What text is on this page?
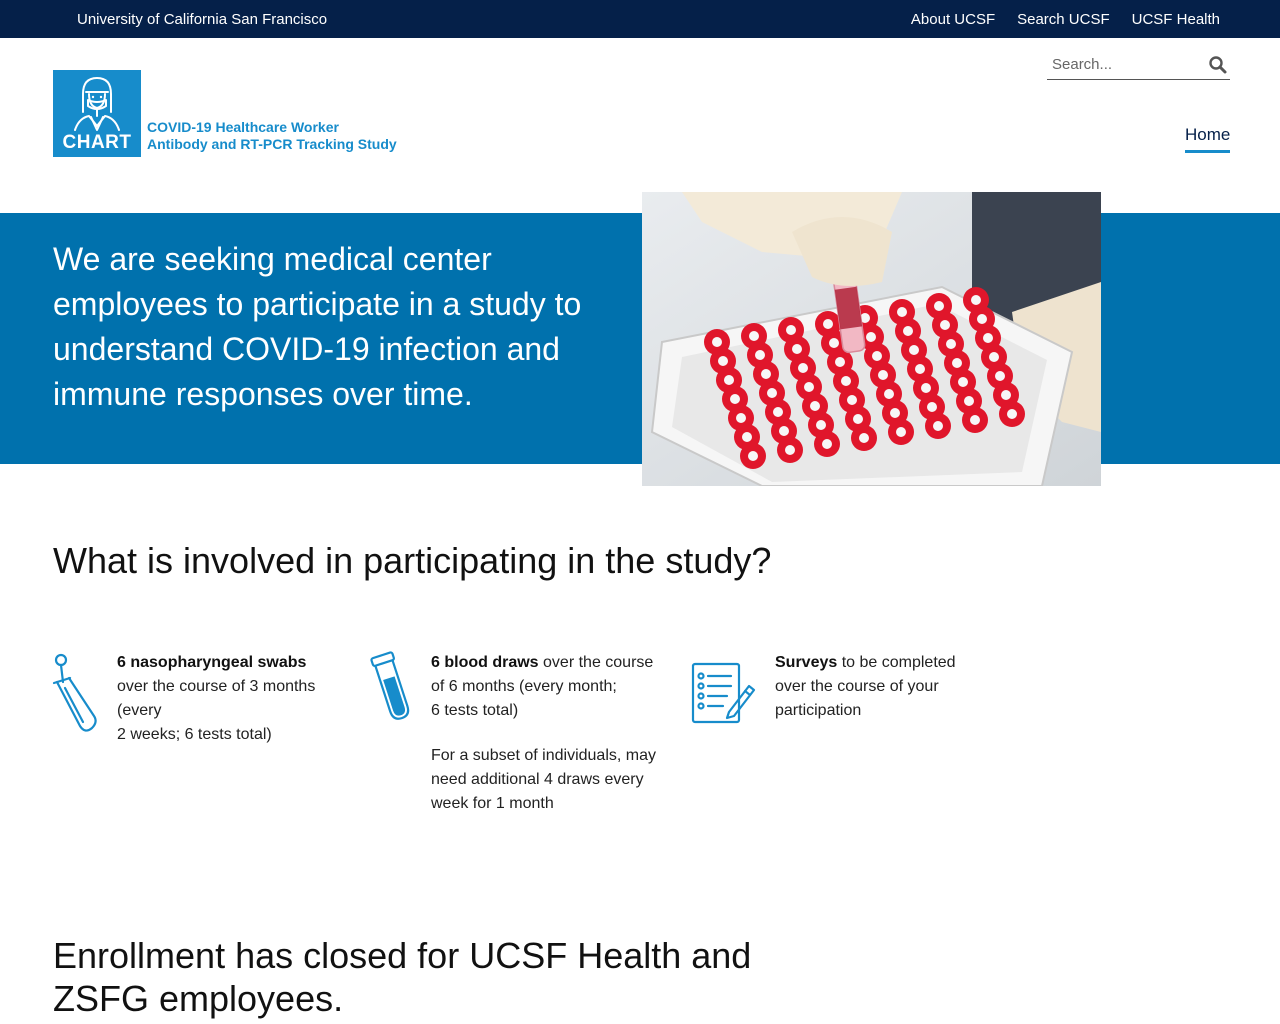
University of California San Francisco	About UCSF Search UCSF UCSF Health
CHART
COVID-19 Healthcare Worker
Antibody and RT-PCR Tracking Study
Search...	Home
We are seeking medical center employees to participate in a study to understand COVID-19 infection and immune responses over time.
What is involved in participating in the study?

6 nasopharyngeal swabs
over the course of 3 months (every
2 weeks; 6 tests total)

6 blood draws over the course of 6 months (every month;
6 tests total)

For a subset of individuals, may need additional 4 draws every week for 1 month

Surveys to be completed over the course of your participation

Enrollment has closed for UCSF Health and ZSFG employees.
